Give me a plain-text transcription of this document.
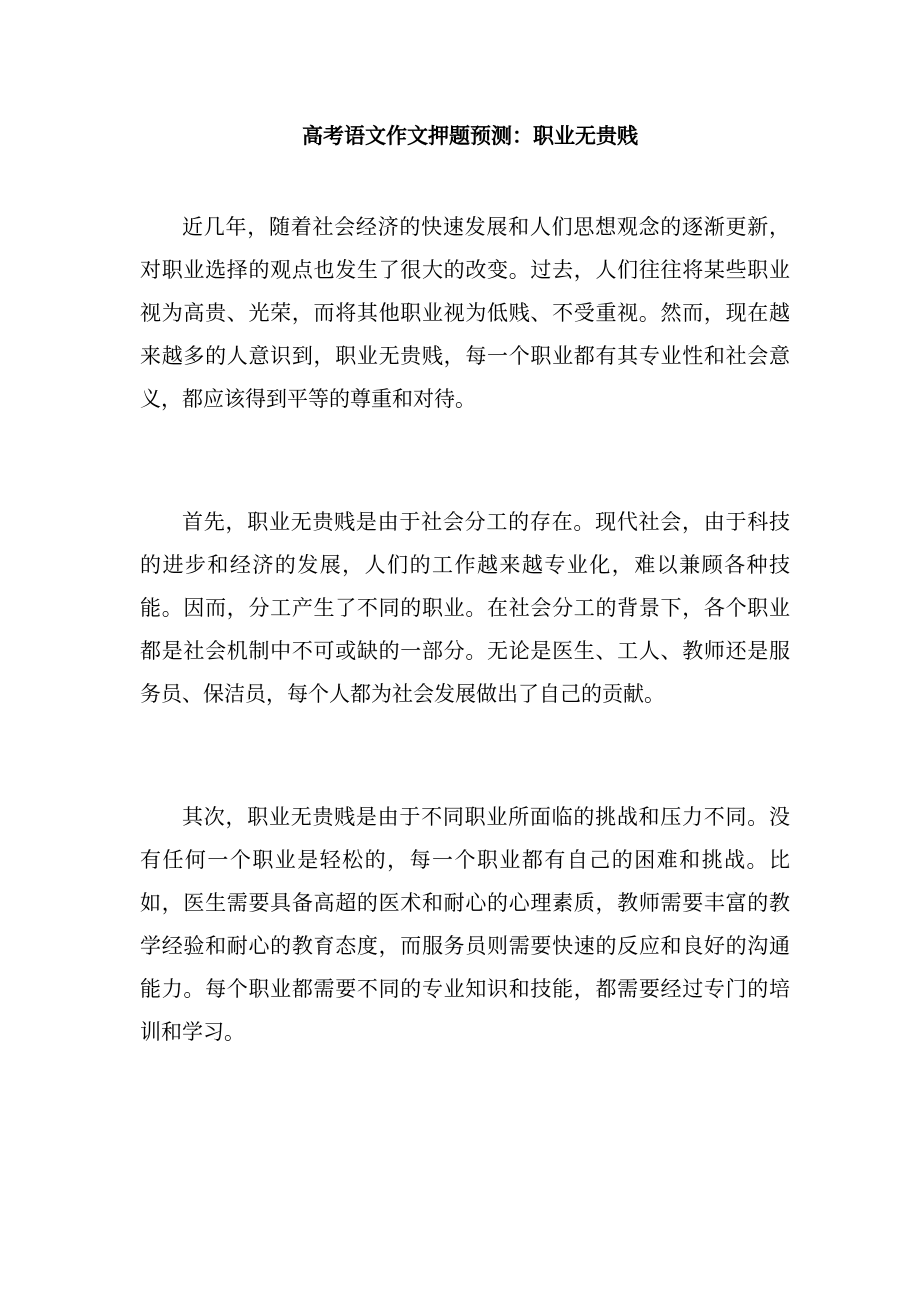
高考语文作文押题预测：职业无贵贱

近几年，随着社会经济的快速发展和人们思想观念的逐渐更新，对职业选择的观点也发生了很大的改变。过去，人们往往将某些职业视为高贵、光荣，而将其他职业视为低贱、不受重视。然而，现在越来越多的人意识到，职业无贵贱，每一个职业都有其专业性和社会意义，都应该得到平等的尊重和对待。

首先，职业无贵贱是由于社会分工的存在。现代社会，由于科技的进步和经济的发展，人们的工作越来越专业化，难以兼顾各种技能。因而，分工产生了不同的职业。在社会分工的背景下，各个职业都是社会机制中不可或缺的一部分。无论是医生、工人、教师还是服务员、保洁员，每个人都为社会发展做出了自己的贡献。

其次，职业无贵贱是由于不同职业所面临的挑战和压力不同。没有任何一个职业是轻松的，每一个职业都有自己的困难和挑战。比如，医生需要具备高超的医术和耐心的心理素质，教师需要丰富的教学经验和耐心的教育态度，而服务员则需要快速的反应和良好的沟通能力。每个职业都需要不同的专业知识和技能，都需要经过专门的培训和学习。
